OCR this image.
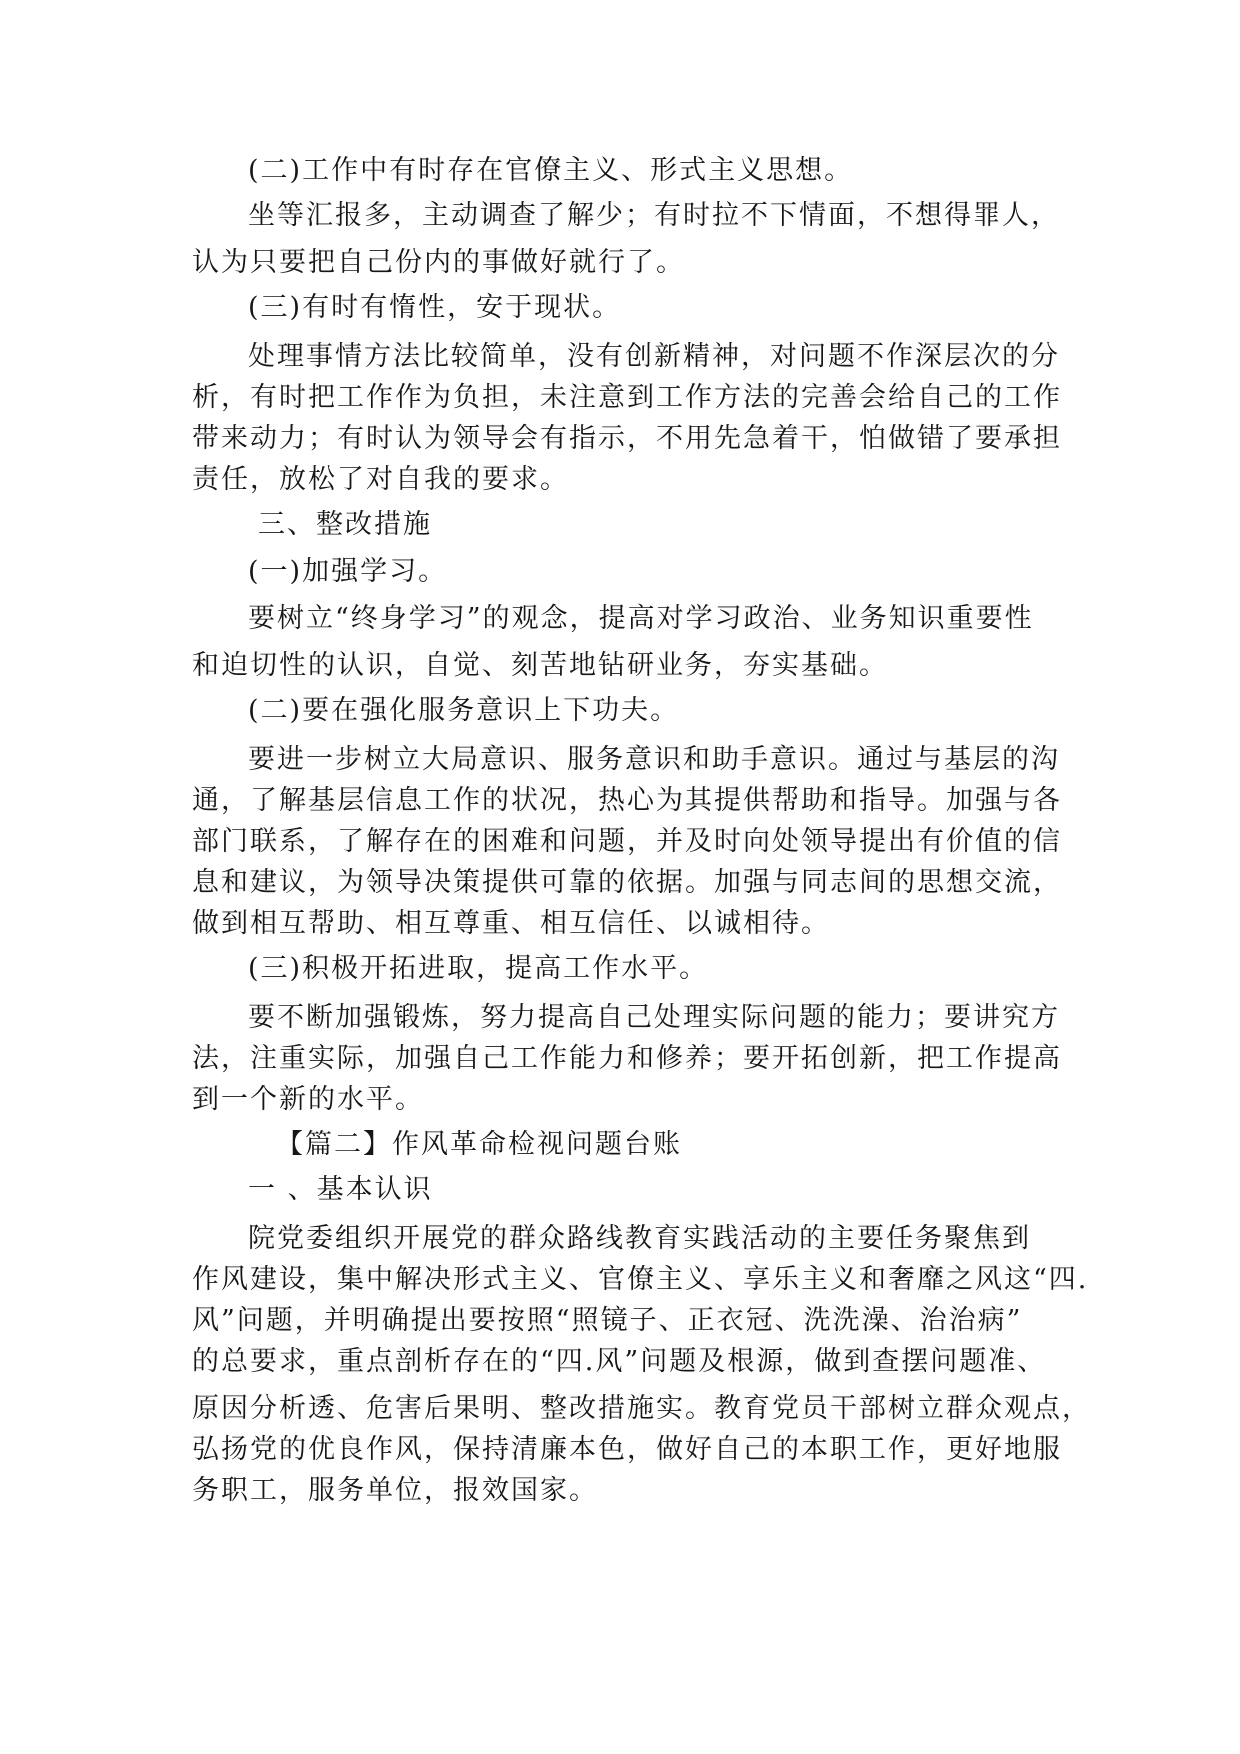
(二)工作中有时存在官僚主义、形式主义思想。
坐等汇报多，主动调查了解少；有时拉不下情面，不想得罪人，
认为只要把自己份内的事做好就行了。
(三)有时有惰性，安于现状。
处理事情方法比较简单，没有创新精神，对问题不作深层次的分
析，有时把工作作为负担，未注意到工作方法的完善会给自己的工作
带来动力；有时认为领导会有指示，不用先急着干，怕做错了要承担
责任，放松了对自我的要求。
三、整改措施
(一)加强学习。
要树立“终身学习”的观念，提高对学习政治、业务知识重要性
和迫切性的认识，自觉、刻苦地钻研业务，夯实基础。
(二)要在强化服务意识上下功夫。
要进一步树立大局意识、服务意识和助手意识。通过与基层的沟
通，了解基层信息工作的状况，热心为其提供帮助和指导。加强与各
部门联系，了解存在的困难和问题，并及时向处领导提出有价值的信
息和建议，为领导决策提供可靠的依据。加强与同志间的思想交流，
做到相互帮助、相互尊重、相互信任、以诚相待。
(三)积极开拓进取，提高工作水平。
要不断加强锻炼，努力提高自己处理实际问题的能力；要讲究方
法，注重实际，加强自己工作能力和修养；要开拓创新，把工作提高
到一个新的水平。
【篇二】作风革命检视问题台账
一 、基本认识
院党委组织开展党的群众路线教育实践活动的主要任务聚焦到
作风建设，集中解决形式主义、官僚主义、享乐主义和奢靡之风这“四.
风”问题，并明确提出要按照“照镜子、正衣冠、洗洗澡、治治病”
的总要求，重点剖析存在的“四.风”问题及根源，做到查摆问题准、
原因分析透、危害后果明、整改措施实。教育党员干部树立群众观点，
弘扬党的优良作风，保持清廉本色，做好自己的本职工作，更好地服
务职工，服务单位，报效国家。
